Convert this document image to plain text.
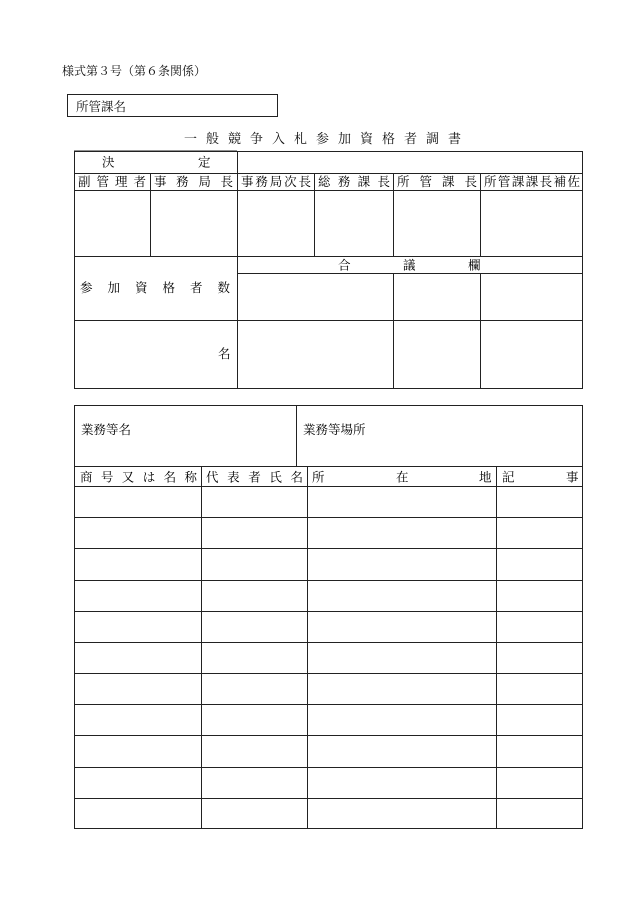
様式第３号（第６条関係）
所管課名
一般競争入札参加資格者調書
決	定
副管理者 事務局長 事務局次長 総務課長 所管課長 所管課課長補佐
合	議	欄
参加資格者数
名
業務等名	業務等場所
商号又は名称 代表者氏名 所	在	地 記	事
